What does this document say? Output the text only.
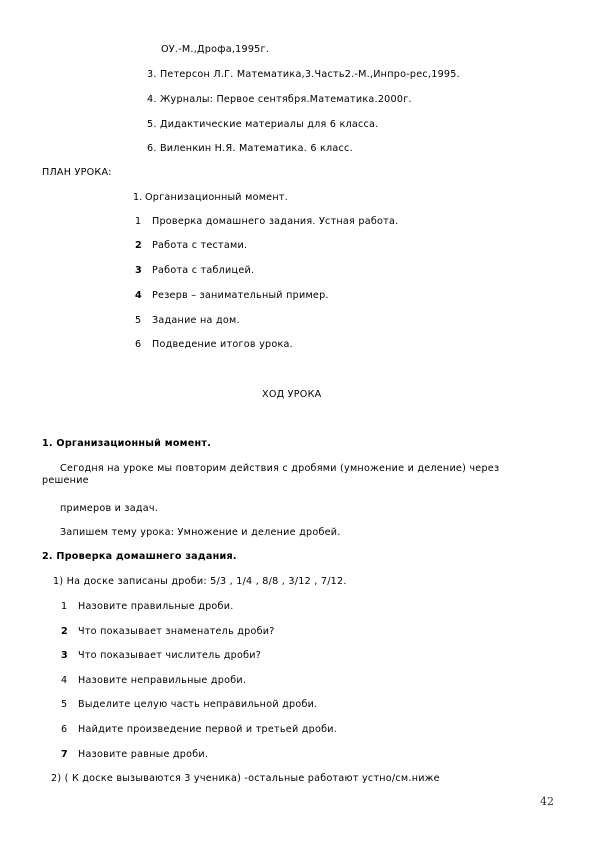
ОУ.-М.,Дрофа,1995г.
3. Петерсон Л.Г. Математика,3.Часть2.-М.,Инпро-рес,1995.
4. Журналы: Первое сентября.Математика.2000г.
5. Дидактические материалы для 6 класса.
6. Виленкин Н.Я. Математика. 6 класс.
ПЛАН УРОКА:
1. Организационный момент.
1 Проверка домашнего задания. Устная работа.
2 Работа с тестами.
3 Работа с таблицей.
4 Резерв – занимательный пример.
5 Задание на дом.
6 Подведение итогов урока.
ХОД УРОКА
1. Организационный момент.
Сегодня на уроке мы повторим действия с дробями (умножение и деление) через
решение
примеров и задач.
Запишем тему урока: Умножение и деление дробей.
2. Проверка домашнего задания.
1) На доске записаны дроби: 5/3 , 1/4 , 8/8 , 3/12 , 7/12.
1 Назовите правильные дроби.
2 Что показывает знаменатель дроби?
3 Что показывает числитель дроби?
4 Назовите неправильные дроби.
5 Выделите целую часть неправильной дроби.
6 Найдите произведение первой и третьей дроби.
7 Назовите равные дроби.
2) ( К доске вызываются 3 ученика) -остальные работают устно/см.ниже
42
